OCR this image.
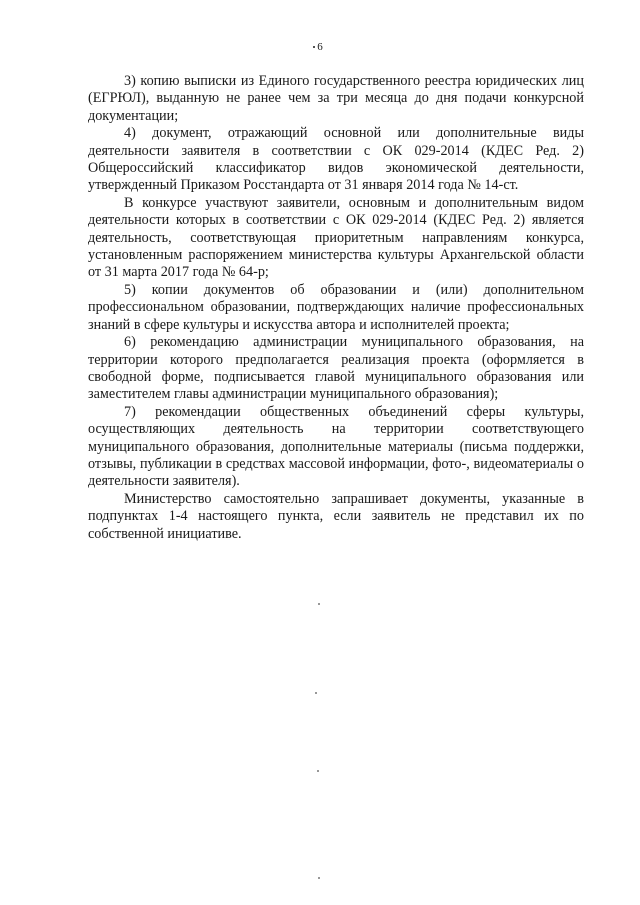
6

3) копию выписки из Единого государственного реестра юридических лиц (ЕГРЮЛ), выданную не ранее чем за три месяца до дня подачи конкурсной документации;

4) документ, отражающий основной или дополнительные виды деятельности заявителя в соответствии с ОК 029-2014 (КДЕС Ред. 2) Общероссийский классификатор видов экономической деятельности, утвержденный Приказом Росстандарта от 31 января 2014 года № 14-ст.

В конкурсе участвуют заявители, основным и дополнительным видом деятельности которых в соответствии с ОК 029-2014 (КДЕС Ред. 2) является деятельность, соответствующая приоритетным направлениям конкурса, установленным распоряжением министерства культуры Архангельской области от 31 марта 2017 года № 64-р;

5) копии документов об образовании и (или) дополнительном профессиональном образовании, подтверждающих наличие профессиональных знаний в сфере культуры и искусства автора и исполнителей проекта;

6) рекомендацию администрации муниципального образования, на территории которого предполагается реализация проекта (оформляется в свободной форме, подписывается главой муниципального образования или заместителем главы администрации муниципального образования);

7) рекомендации общественных объединений сферы культуры, осуществляющих деятельность на территории соответствующего муниципального образования, дополнительные материалы (письма поддержки, отзывы, публикации в средствах массовой информации, фото-, видеоматериалы о деятельности заявителя).

Министерство самостоятельно запрашивает документы, указанные в подпунктах 1-4 настоящего пункта, если заявитель не представил их по собственной инициативе.
